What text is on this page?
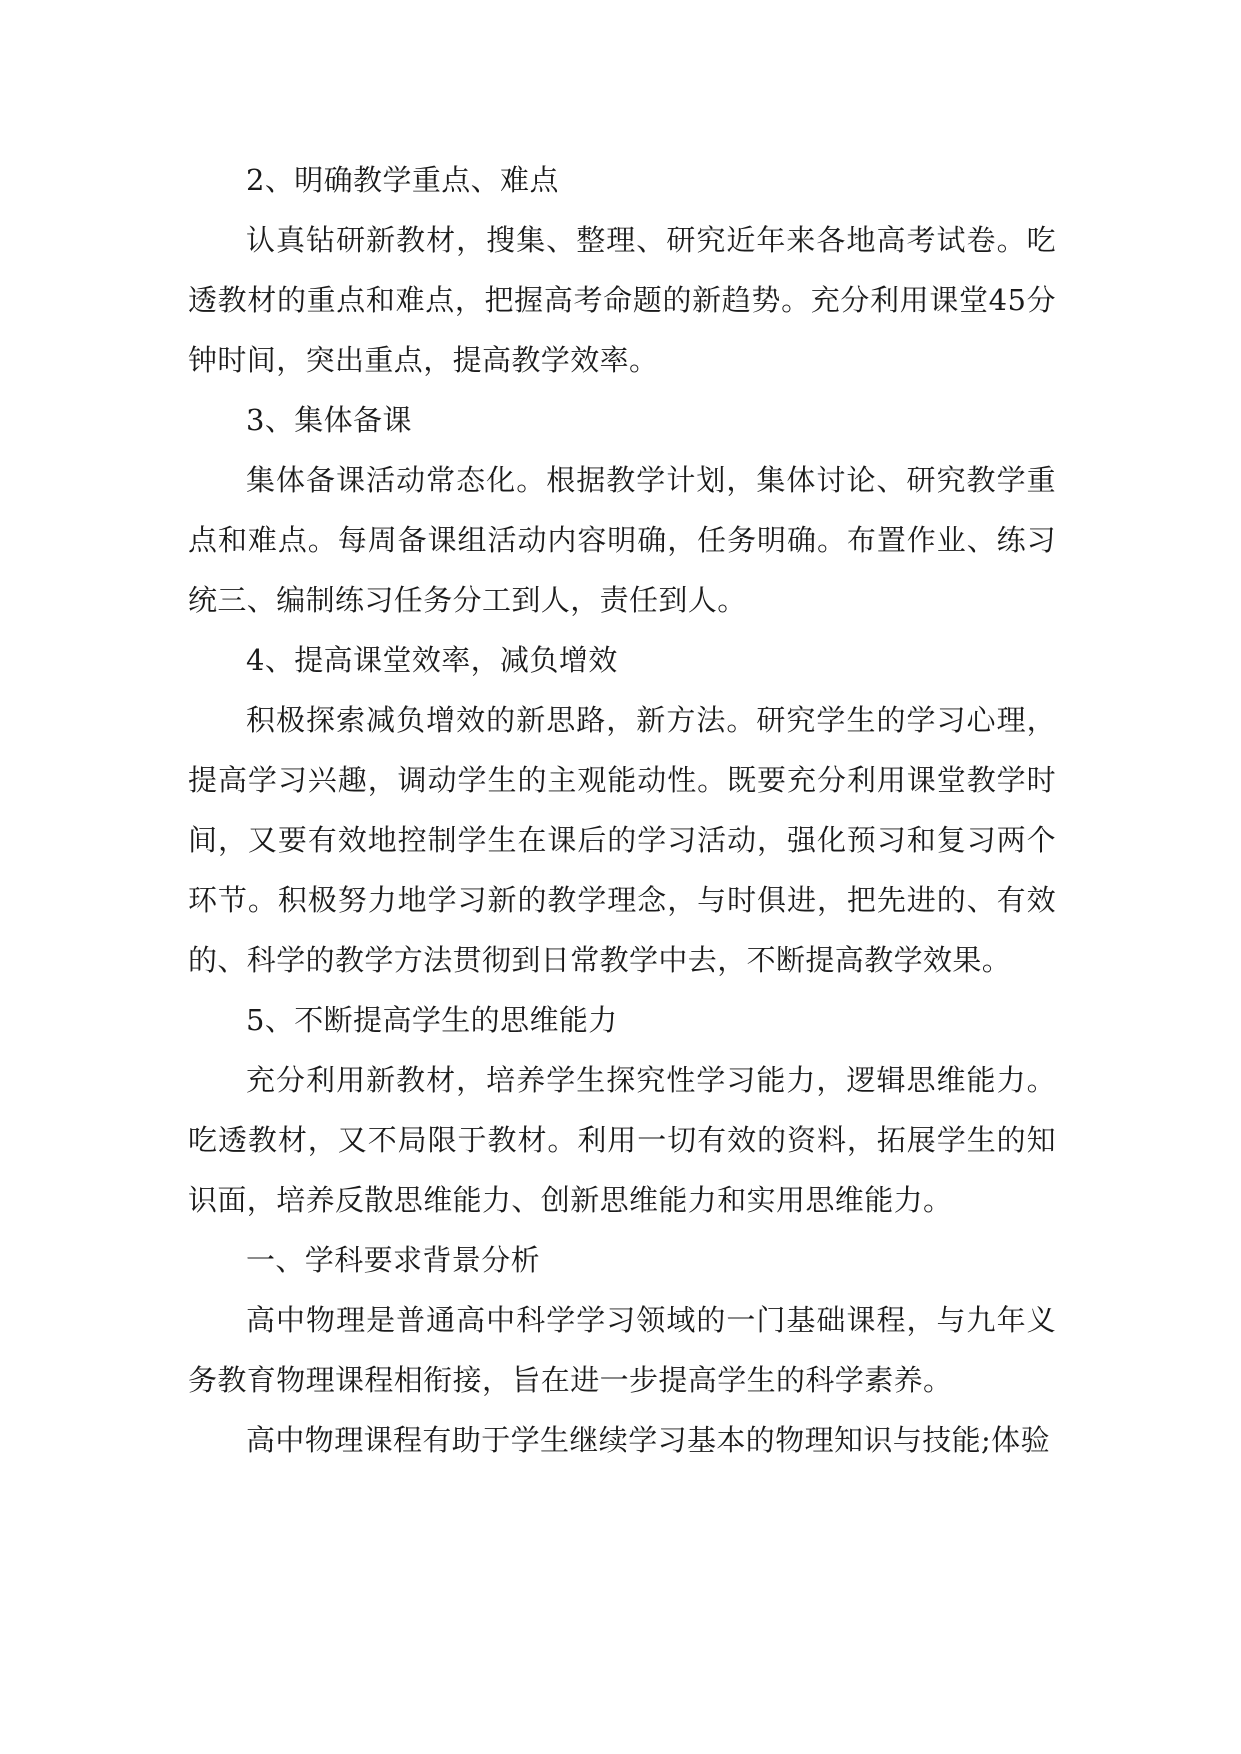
2、明确教学重点、难点

认真钻研新教材，搜集、整理、研究近年来各地高考试卷。吃透教材的重点和难点，把握高考命题的新趋势。充分利用课堂45分钟时间，突出重点，提高教学效率。

3、集体备课

集体备课活动常态化。根据教学计划，集体讨论、研究教学重点和难点。每周备课组活动内容明确，任务明确。布置作业、练习统三、编制练习任务分工到人，责任到人。

4、提高课堂效率，减负增效

积极探索减负增效的新思路，新方法。研究学生的学习心理，提高学习兴趣，调动学生的主观能动性。既要充分利用课堂教学时间，又要有效地控制学生在课后的学习活动，强化预习和复习两个环节。积极努力地学习新的教学理念，与时俱进，把先进的、有效的、科学的教学方法贯彻到日常教学中去，不断提高教学效果。

5、不断提高学生的思维能力

充分利用新教材，培养学生探究性学习能力，逻辑思维能力。吃透教材，又不局限于教材。利用一切有效的资料，拓展学生的知识面，培养反散思维能力、创新思维能力和实用思维能力。

一、学科要求背景分析

高中物理是普通高中科学学习领域的一门基础课程，与九年义务教育物理课程相衔接，旨在进一步提高学生的科学素养。

高中物理课程有助于学生继续学习基本的物理知识与技能;体验
